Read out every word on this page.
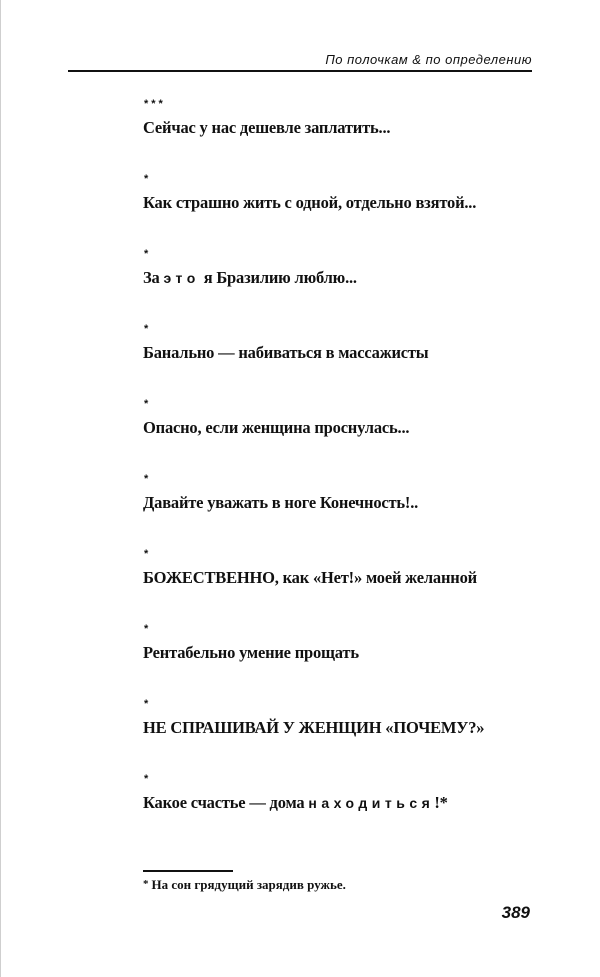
По полочкам & по определению
***
Сейчас у нас дешевле заплатить...
*
Как страшно жить с одной, отдельно взятой...
*
За это я Бразилию люблю...
*
Банально — набиваться в массажисты
*
Опасно, если женщина проснулась...
*
Давайте уважать в ноге Конечность!..
*
БОЖЕСТВЕННО, как «Нет!» моей желанной
*
Рентабельно умение прощать
*
НЕ СПРАШИВАЙ У ЖЕНЩИН «ПОЧЕМУ?»
*
Какое счастье — дома находиться!*
* На сон грядущий зарядив ружье.
389
